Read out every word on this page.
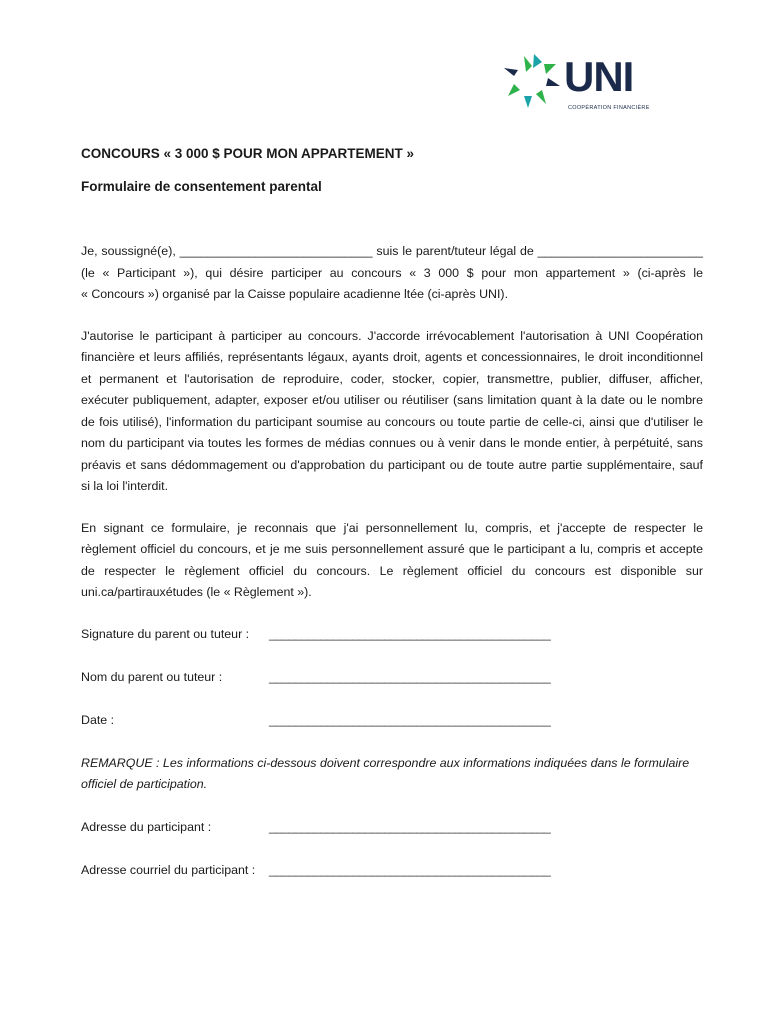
UNI
COOPÉRATION FINANCIÈRE
CONCOURS « 3 000 $ POUR MON APPARTEMENT »
Formulaire de consentement parental
Je, soussigné(e), ____________________________ suis le parent/tuteur légal de ________________________
(le « Participant »), qui désire participer au concours « 3 000 $ pour mon appartement » (ci-après le
« Concours ») organisé par la Caisse populaire acadienne ltée (ci-après UNI).
J'autorise le participant à participer au concours. J'accorde irrévocablement l'autorisation à UNI Coopération
financière et leurs affiliés, représentants légaux, ayants droit, agents et concessionnaires, le droit inconditionnel
et permanent et l'autorisation de reproduire, coder, stocker, copier, transmettre, publier, diffuser, afficher,
exécuter publiquement, adapter, exposer et/ou utiliser ou réutiliser (sans limitation quant à la date ou le nombre
de fois utilisé), l'information du participant soumise au concours ou toute partie de celle-ci, ainsi que d'utiliser le
nom du participant via toutes les formes de médias connues ou à venir dans le monde entier, à perpétuité, sans
préavis et sans dédommagement ou d'approbation du participant ou de toute autre partie supplémentaire, sauf
si la loi l'interdit.
En signant ce formulaire, je reconnais que j'ai personnellement lu, compris, et j'accepte de respecter le
règlement officiel du concours, et je me suis personnellement assuré que le participant a lu, compris et accepte
de respecter le règlement officiel du concours. Le règlement officiel du concours est disponible sur
uni.ca/partirauxétudes (le « Règlement »).
Signature du parent ou tuteur : ____________________________________________
Nom du parent ou tuteur :	____________________________________________
Date :	____________________________________________
REMARQUE : Les informations ci-dessous doivent correspondre aux informations indiquées dans le formulaire
officiel de participation.
Adresse du participant :	____________________________________________
Adresse courriel du participant : ____________________________________________
